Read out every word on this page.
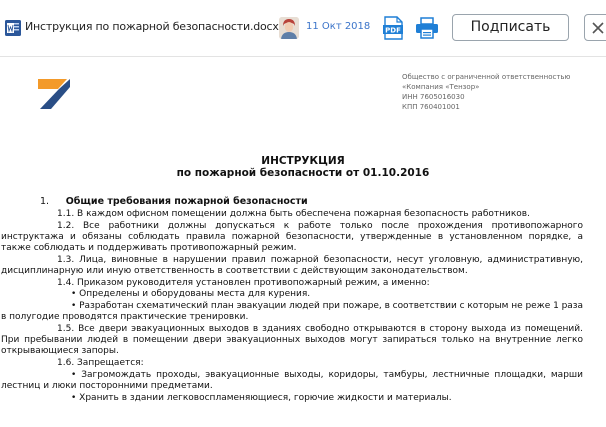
Инструкция по пожарной безопасности.docx	11 Окт 2018 PDF	Подписать
Общество с ограниченной ответственностью
«Компания «Тензор»
ИНН 7605016030
КПП 760401001
ИНСТРУКЦИЯ
по пожарной безопасности от 01.10.2016
1. Общие требования пожарной безопасности
1.1. В каждом офисном помещении должна быть обеспечена пожарная безопасность работников.
1.2. Все работники должны допускаться к работе только после прохождения противопожарного
инструктажа и обязаны соблюдать правила пожарной безопасности, утвержденные в установленном порядке, а
также соблюдать и поддерживать противопожарный режим.
1.3. Лица, виновные в нарушении правил пожарной безопасности, несут уголовную, административную,
дисциплинарную или иную ответственность в соответствии с действующим законодательством.
1.4. Приказом руководителя установлен противопожарный режим, а именно:
• Определены и оборудованы места для курения.
• Разработан схематический план эвакуации людей при пожаре, в соответствии с которым не реже 1 раза
в полугодие проводятся практические тренировки.
1.5. Все двери эвакуационных выходов в зданиях свободно открываются в сторону выхода из помещений.
При пребывании людей в помещении двери эвакуационных выходов могут запираться только на внутренние легко
открывающиеся запоры.
1.6. Запрещается:
• Загромождать проходы, эвакуационные выходы, коридоры, тамбуры, лестничные площадки, марши
лестниц и люки посторонними предметами.
• Хранить в здании легковоспламеняющиеся, горючие жидкости и материалы.
